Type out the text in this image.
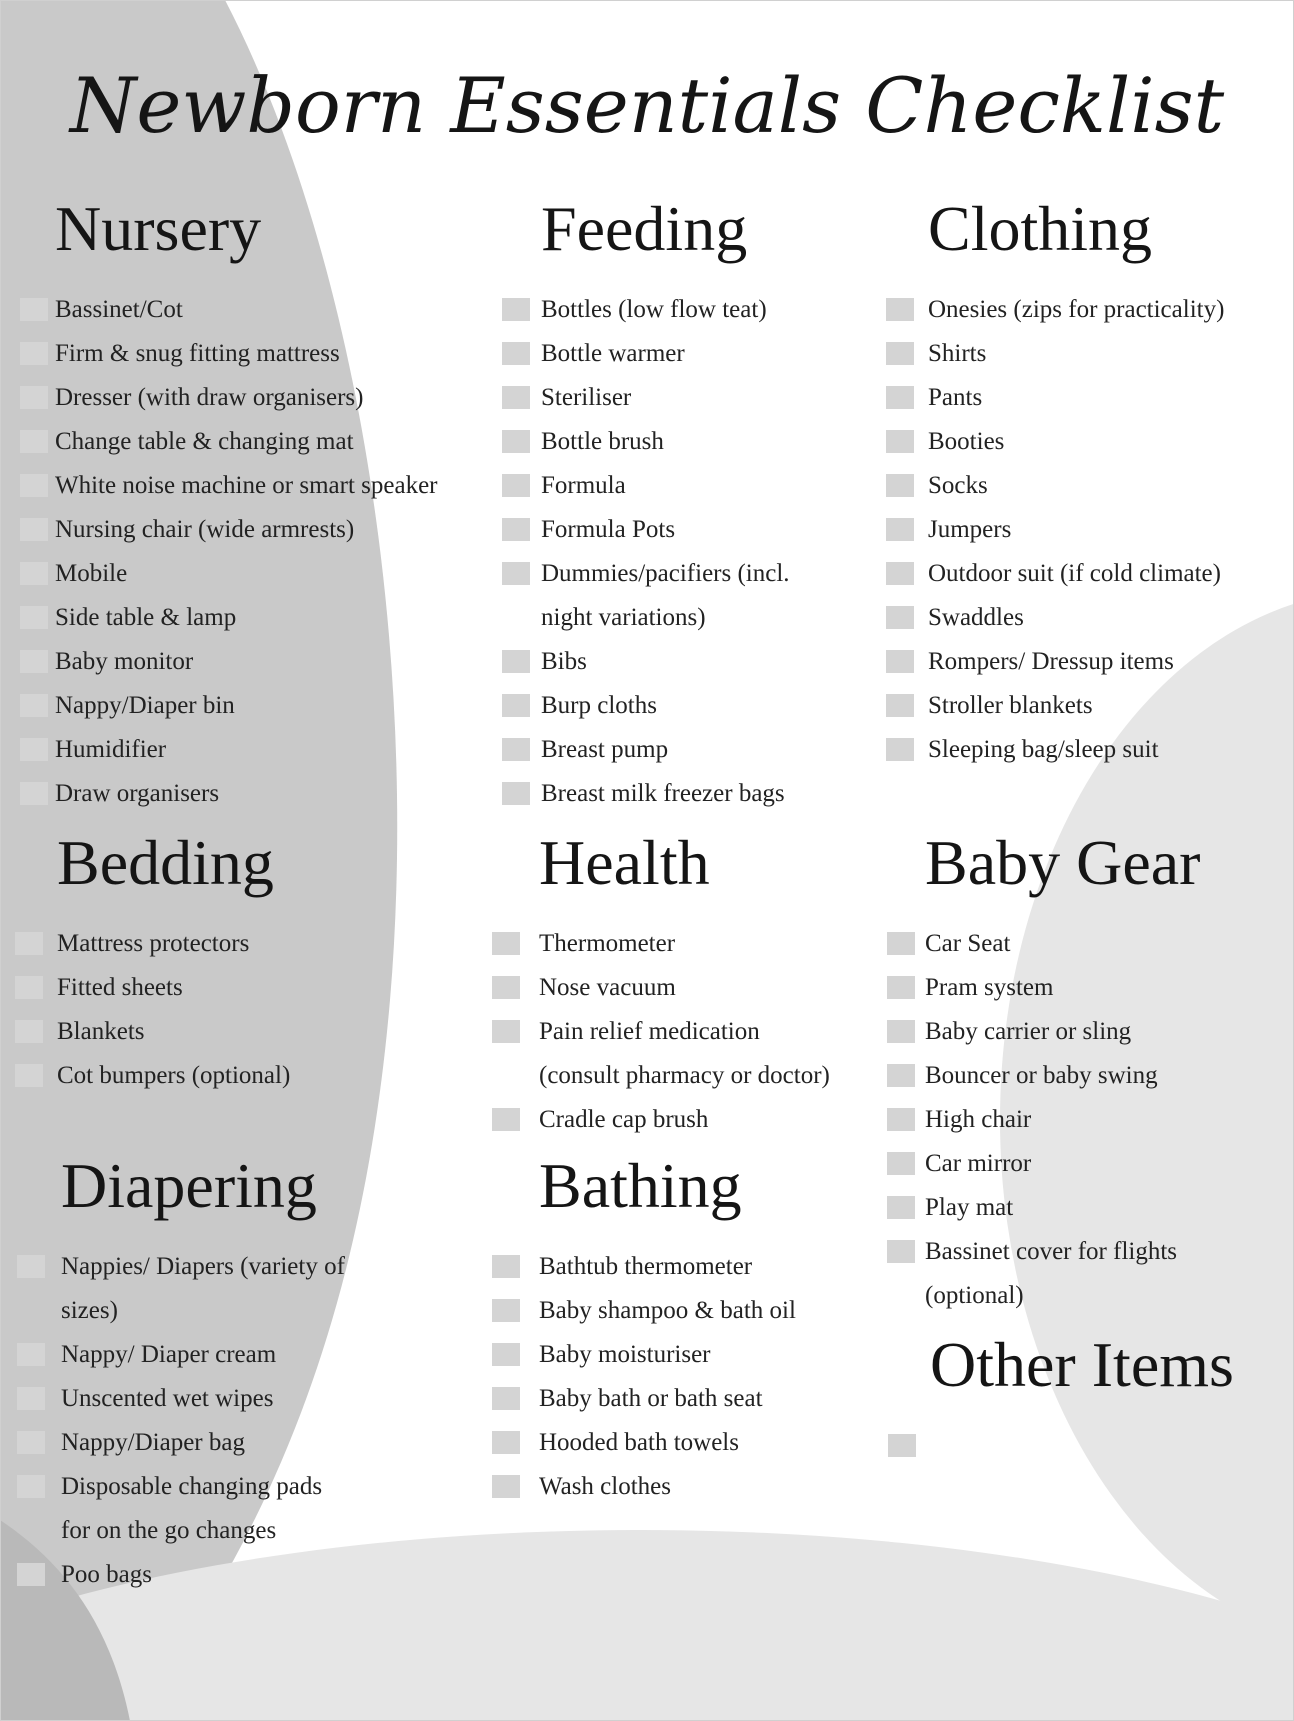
Newborn Essentials Checklist
Nursery
Bassinet/Cot
Firm & snug fitting mattress
Dresser (with draw organisers)
Change table & changing mat
White noise machine or smart speaker
Nursing chair (wide armrests)
Mobile
Side table & lamp
Baby monitor
Nappy/Diaper bin
Humidifier
Draw organisers
Feeding
Bottles (low flow teat)
Bottle warmer
Steriliser
Bottle brush
Formula
Formula Pots
Dummies/pacifiers (incl.
night variations)
Bibs
Burp cloths
Breast pump
Breast milk freezer bags
Clothing
Onesies (zips for practicality)
Shirts
Pants
Booties
Socks
Jumpers
Outdoor suit (if cold climate)
Swaddles
Rompers/ Dressup items
Stroller blankets
Sleeping bag/sleep suit
Bedding
Mattress protectors
Fitted sheets
Blankets
Cot bumpers (optional)
Health
Thermometer
Nose vacuum
Pain relief medication
(consult pharmacy or doctor)
Cradle cap brush
Baby Gear
Car Seat
Pram system
Baby carrier or sling
Bouncer or baby swing
High chair
Car mirror
Play mat
Bassinet cover for flights
(optional)
Diapering
Nappies/ Diapers (variety of
sizes)
Nappy/ Diaper cream
Unscented wet wipes
Nappy/Diaper bag
Disposable changing pads
for on the go changes
Poo bags
Bathing
Bathtub thermometer
Baby shampoo & bath oil
Baby moisturiser
Baby bath or bath seat
Hooded bath towels
Wash clothes
Other Items
